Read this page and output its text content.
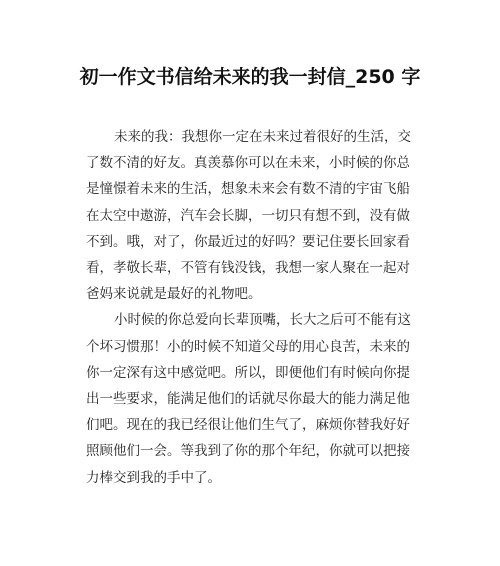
初一作文书信给未来的我一封信_250 字

未来的我：我想你一定在未来过着很好的生活，交
了数不清的好友。真羡慕你可以在未来，小时候的你总
是憧憬着未来的生活，想象未来会有数不清的宇宙飞船
在太空中遨游，汽车会长脚，一切只有想不到，没有做
不到。哦，对了，你最近过的好吗？要记住要长回家看
看，孝敬长辈，不管有钱没钱，我想一家人聚在一起对
爸妈来说就是最好的礼物吧。

小时候的你总爱向长辈顶嘴，长大之后可不能有这
个坏习惯那！小的时候不知道父母的用心良苦，未来的
你一定深有这中感觉吧。所以，即便他们有时候向你提
出一些要求，能满足他们的话就尽你最大的能力满足他
们吧。现在的我已经很让他们生气了，麻烦你替我好好
照顾他们一会。等我到了你的那个年纪，你就可以把接
力棒交到我的手中了。
